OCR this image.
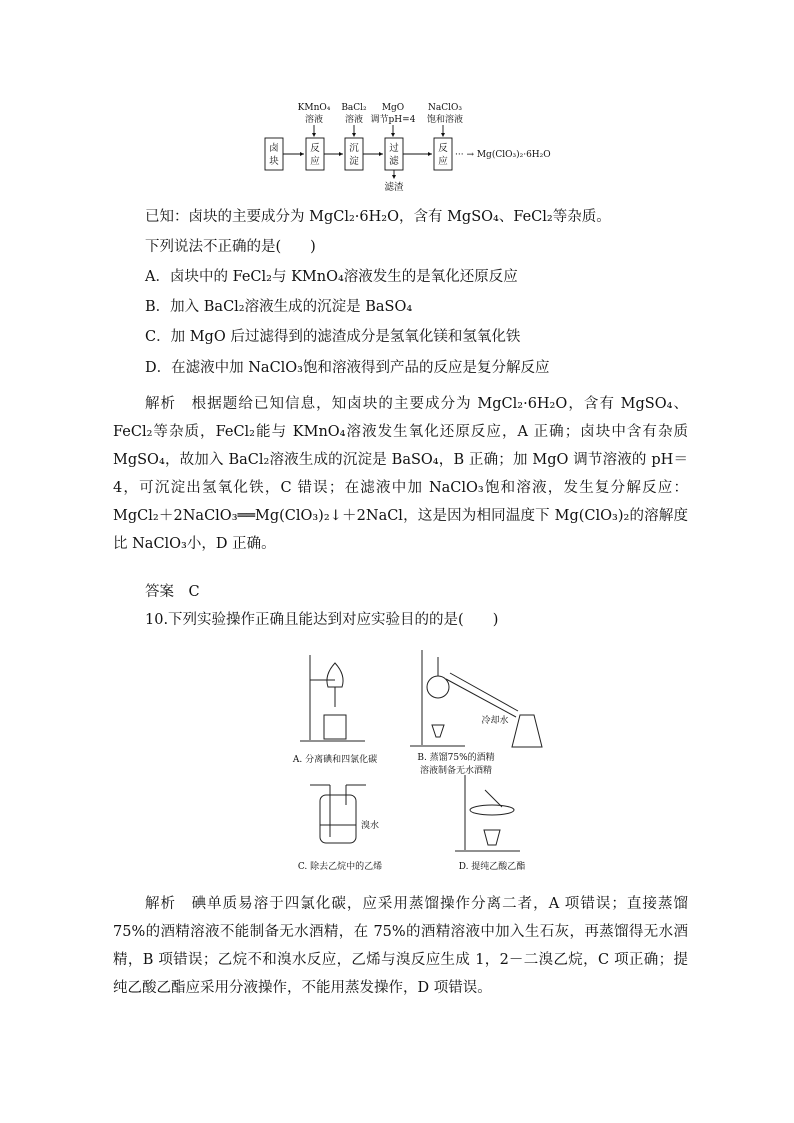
KMnO₄
溶液
BaCl₂
溶液
MgO
调节pH=4
NaClO₃
饱和溶液
卤块
反应
沉淀
过滤
反应
滤渣
··· → Mg(ClO₃)₂·6H₂O
已知：卤块的主要成分为 MgCl₂·6H₂O，含有 MgSO₄、FeCl₂等杂质。
下列说法不正确的是(　　)
A．卤块中的 FeCl₂与 KMnO₄溶液发生的是氧化还原反应
B．加入 BaCl₂溶液生成的沉淀是 BaSO₄
C．加 MgO 后过滤得到的滤渣成分是氢氧化镁和氢氧化铁
D．在滤液中加 NaClO₃饱和溶液得到产品的反应是复分解反应
解析　根据题给已知信息，知卤块的主要成分为 MgCl₂·6H₂O，含有 MgSO₄、FeCl₂等杂质，FeCl₂能与 KMnO₄溶液发生氧化还原反应，A 正确；卤块中含有杂质 MgSO₄，故加入 BaCl₂溶液生成的沉淀是 BaSO₄，B 正确；加 MgO 调节溶液的 pH＝4，可沉淀出氢氧化铁，C 错误；在滤液中加 NaClO₃饱和溶液，发生复分解反应：MgCl₂＋2NaClO₃══Mg(ClO₃)₂↓＋2NaCl，这是因为相同温度下 Mg(ClO₃)₂的溶解度比 NaClO₃小，D 正确。
答案　C
10.下列实验操作正确且能达到对应实验目的的是(　　)
A. 分离碘和四氯化碳	B. 蒸馏75%的酒精
溶液制备无水酒精
冷却水
C. 除去乙烷中的乙烯
溴水
D. 提纯乙酸乙酯
解析　碘单质易溶于四氯化碳，应采用蒸馏操作分离二者，A 项错误；直接蒸馏 75%的酒精溶液不能制备无水酒精，在 75%的酒精溶液中加入生石灰，再蒸馏得无水酒精，B 项错误；乙烷不和溴水反应，乙烯与溴反应生成 1，2－二溴乙烷，C 项正确；提纯乙酸乙酯应采用分液操作，不能用蒸发操作，D 项错误。
